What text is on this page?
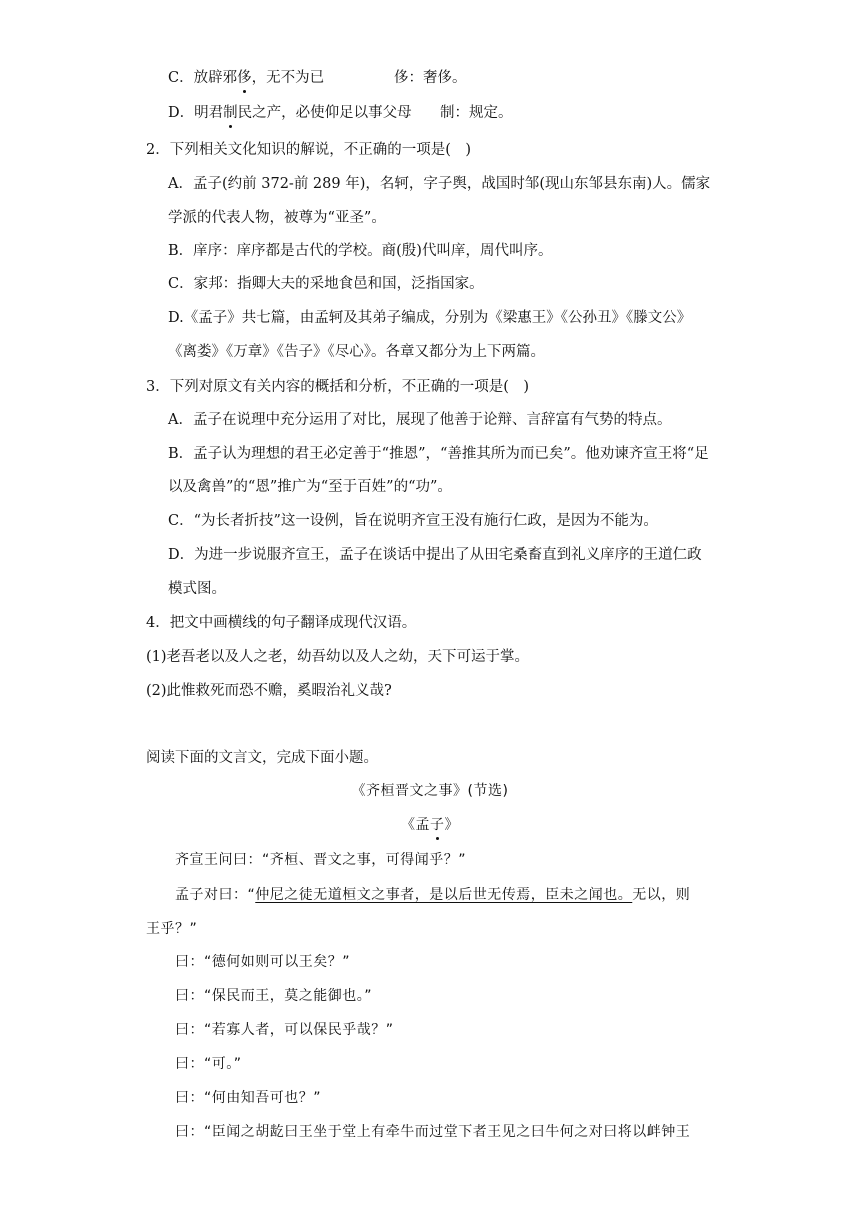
C．放辟邪侈，无不为已	侈：奢侈。
D．明君制民之产，必使仰足以事父母 制：规定。
2．下列相关文化知识的解说，不正确的一项是(　)
A．孟子(约前 372-前 289 年)，名轲，字子舆，战国时邹(现山东邹县东南)人。儒家
学派的代表人物，被尊为“亚圣”。
B．庠序：庠序都是古代的学校。商(殷)代叫庠，周代叫序。
C．家邦：指卿大夫的采地食邑和国，泛指国家。
D.《孟子》共七篇，由孟轲及其弟子编成，分别为《梁惠王》《公孙丑》《滕文公》
《离娄》《万章》《告子》《尽心》。各章又都分为上下两篇。
3．下列对原文有关内容的概括和分析，不正确的一项是(　)
A．孟子在说理中充分运用了对比，展现了他善于论辩、言辞富有气势的特点。
B．孟子认为理想的君王必定善于“推恩”，“善推其所为而已矣”。他劝谏齐宣王将“足
以及禽兽”的“恩”推广为“至于百姓”的“功”。
C．“为长者折技”这一设例，旨在说明齐宣王没有施行仁政，是因为不能为。
D．为进一步说服齐宣王，孟子在谈话中提出了从田宅桑畜直到礼义庠序的王道仁政
模式图。
4．把文中画横线的句子翻译成现代汉语。
(1)老吾老以及人之老，幼吾幼以及人之幼，天下可运于掌。
(2)此惟救死而恐不赡，奚暇治礼义哉?
阅读下面的文言文，完成下面小题。
《齐桓晋文之事》(节选)
《孟子》
齐宣王问曰：“齐桓、晋文之事，可得闻乎？”
孟子对曰：“仲尼之徒无道桓文之事者，是以后世无传焉，臣未之闻也。无以，则
王乎？”
曰：“德何如则可以王矣？”
曰：“保民而王，莫之能御也。”
曰：“若寡人者，可以保民乎哉？”
曰：“可。”
曰：“何由知吾可也？”
曰：“臣闻之胡龁曰王坐于堂上有牵牛而过堂下者王见之曰牛何之对曰将以衅钟王
